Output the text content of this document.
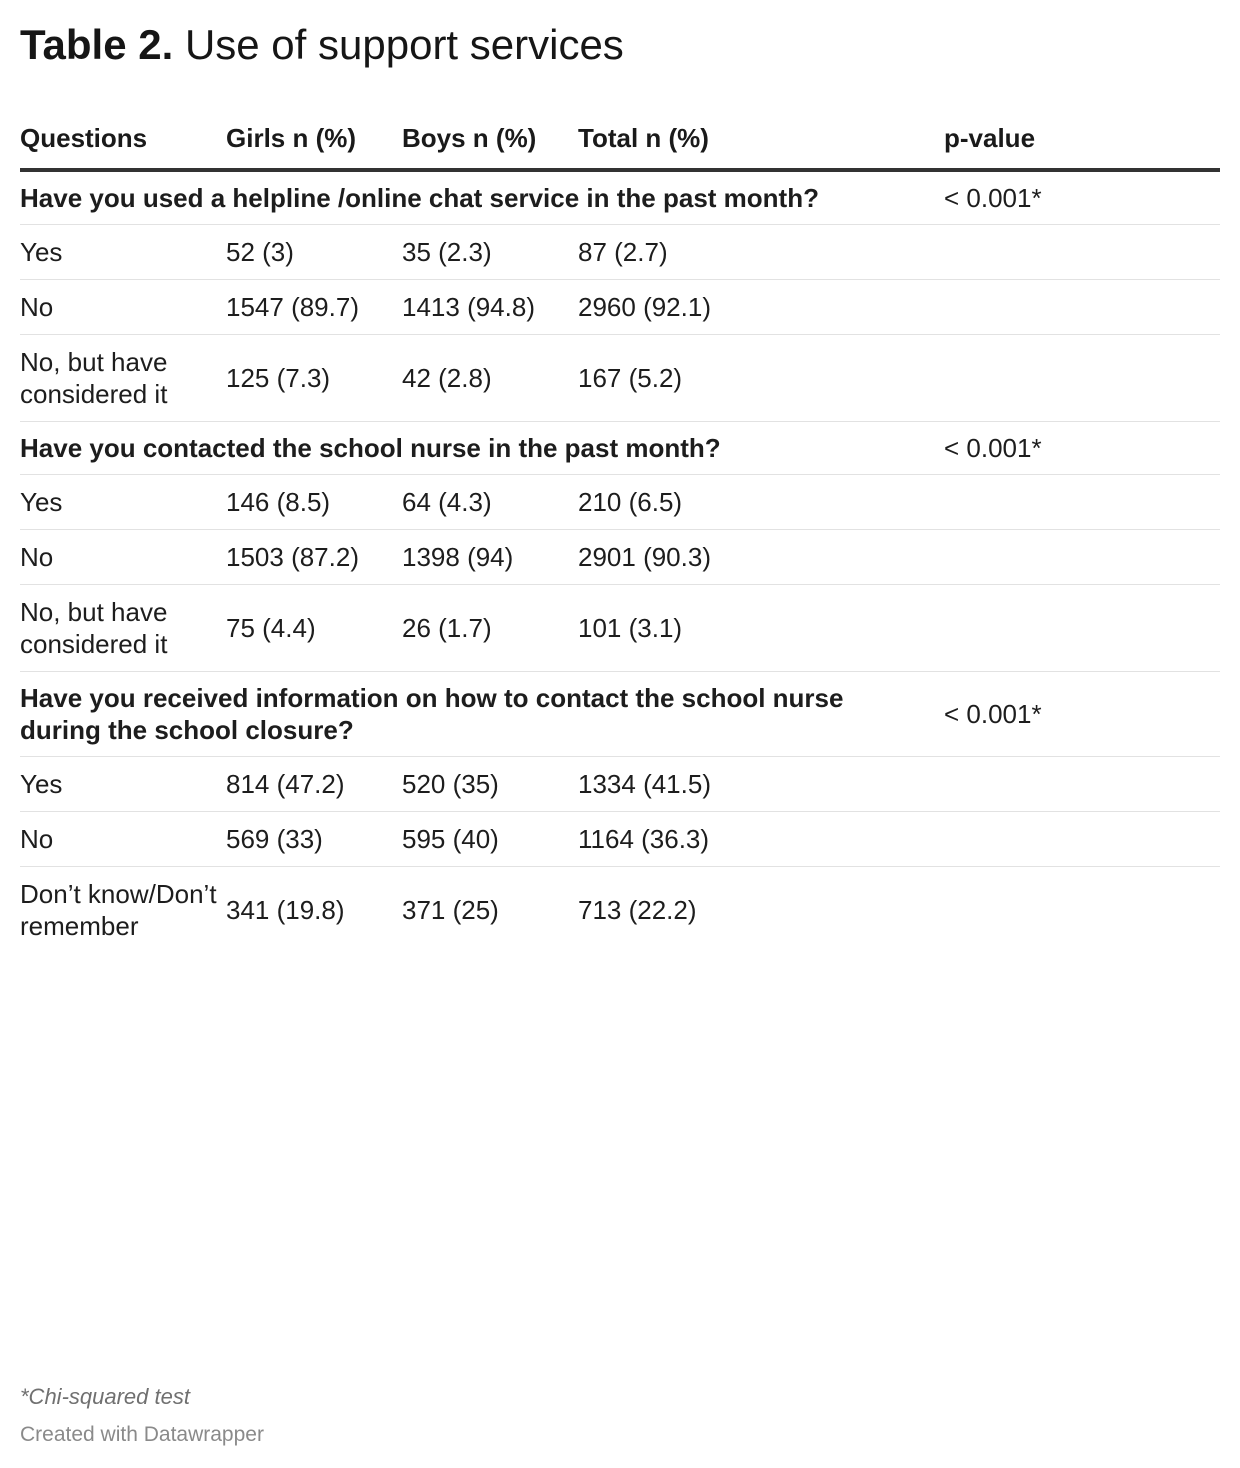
Table 2. Use of support services
Questions	Girls n (%)	Boys n (%)	Total n (%)	p-value
Have you used a helpline /online chat service in the past month?				< 0.001*
Yes	52 (3)	35 (2.3)	87 (2.7)	
No	1547 (89.7)	1413 (94.8)	2960 (92.1)	
No, but have considered it	125 (7.3)	42 (2.8)	167 (5.2)	
Have you contacted the school nurse in the past month?				< 0.001*
Yes	146 (8.5)	64 (4.3)	210 (6.5)	
No	1503 (87.2)	1398 (94)	2901 (90.3)	
No, but have considered it	75 (4.4)	26 (1.7)	101 (3.1)	
Have you received information on how to contact the school nurse during the school closure?				< 0.001*
Yes	814 (47.2)	520 (35)	1334 (41.5)	
No	569 (33)	595 (40)	1164 (36.3)	
Don’t know/Don’t remember	341 (19.8)	371 (25)	713 (22.2)	

*Chi-squared test

Created with Datawrapper
